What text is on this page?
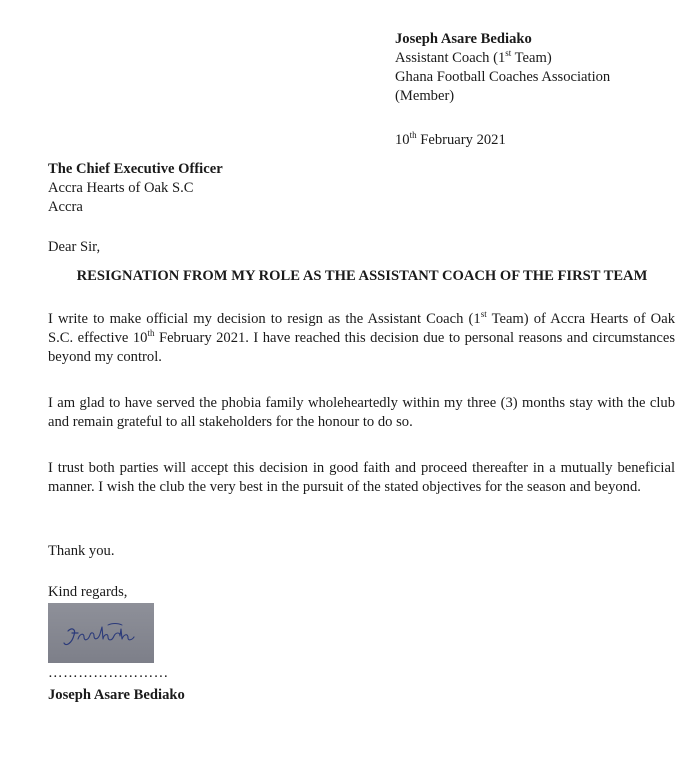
Joseph Asare Bediako
Assistant Coach (1st Team)
Ghana Football Coaches Association
(Member)
10th February 2021
The Chief Executive Officer
Accra Hearts of Oak S.C
Accra
Dear Sir,
RESIGNATION FROM MY ROLE AS THE ASSISTANT COACH OF THE FIRST TEAM
I write to make official my decision to resign as the Assistant Coach (1st Team) of Accra Hearts of Oak S.C. effective 10th February 2021. I have reached this decision due to personal reasons and circumstances beyond my control.
I am glad to have served the phobia family wholeheartedly within my three (3) months stay with the club and remain grateful to all stakeholders for the honour to do so.
I trust both parties will accept this decision in good faith and proceed thereafter in a mutually beneficial manner. I wish the club the very best in the pursuit of the stated objectives for the season and beyond.
Thank you.
Kind regards,
……………………
Joseph Asare Bediako
